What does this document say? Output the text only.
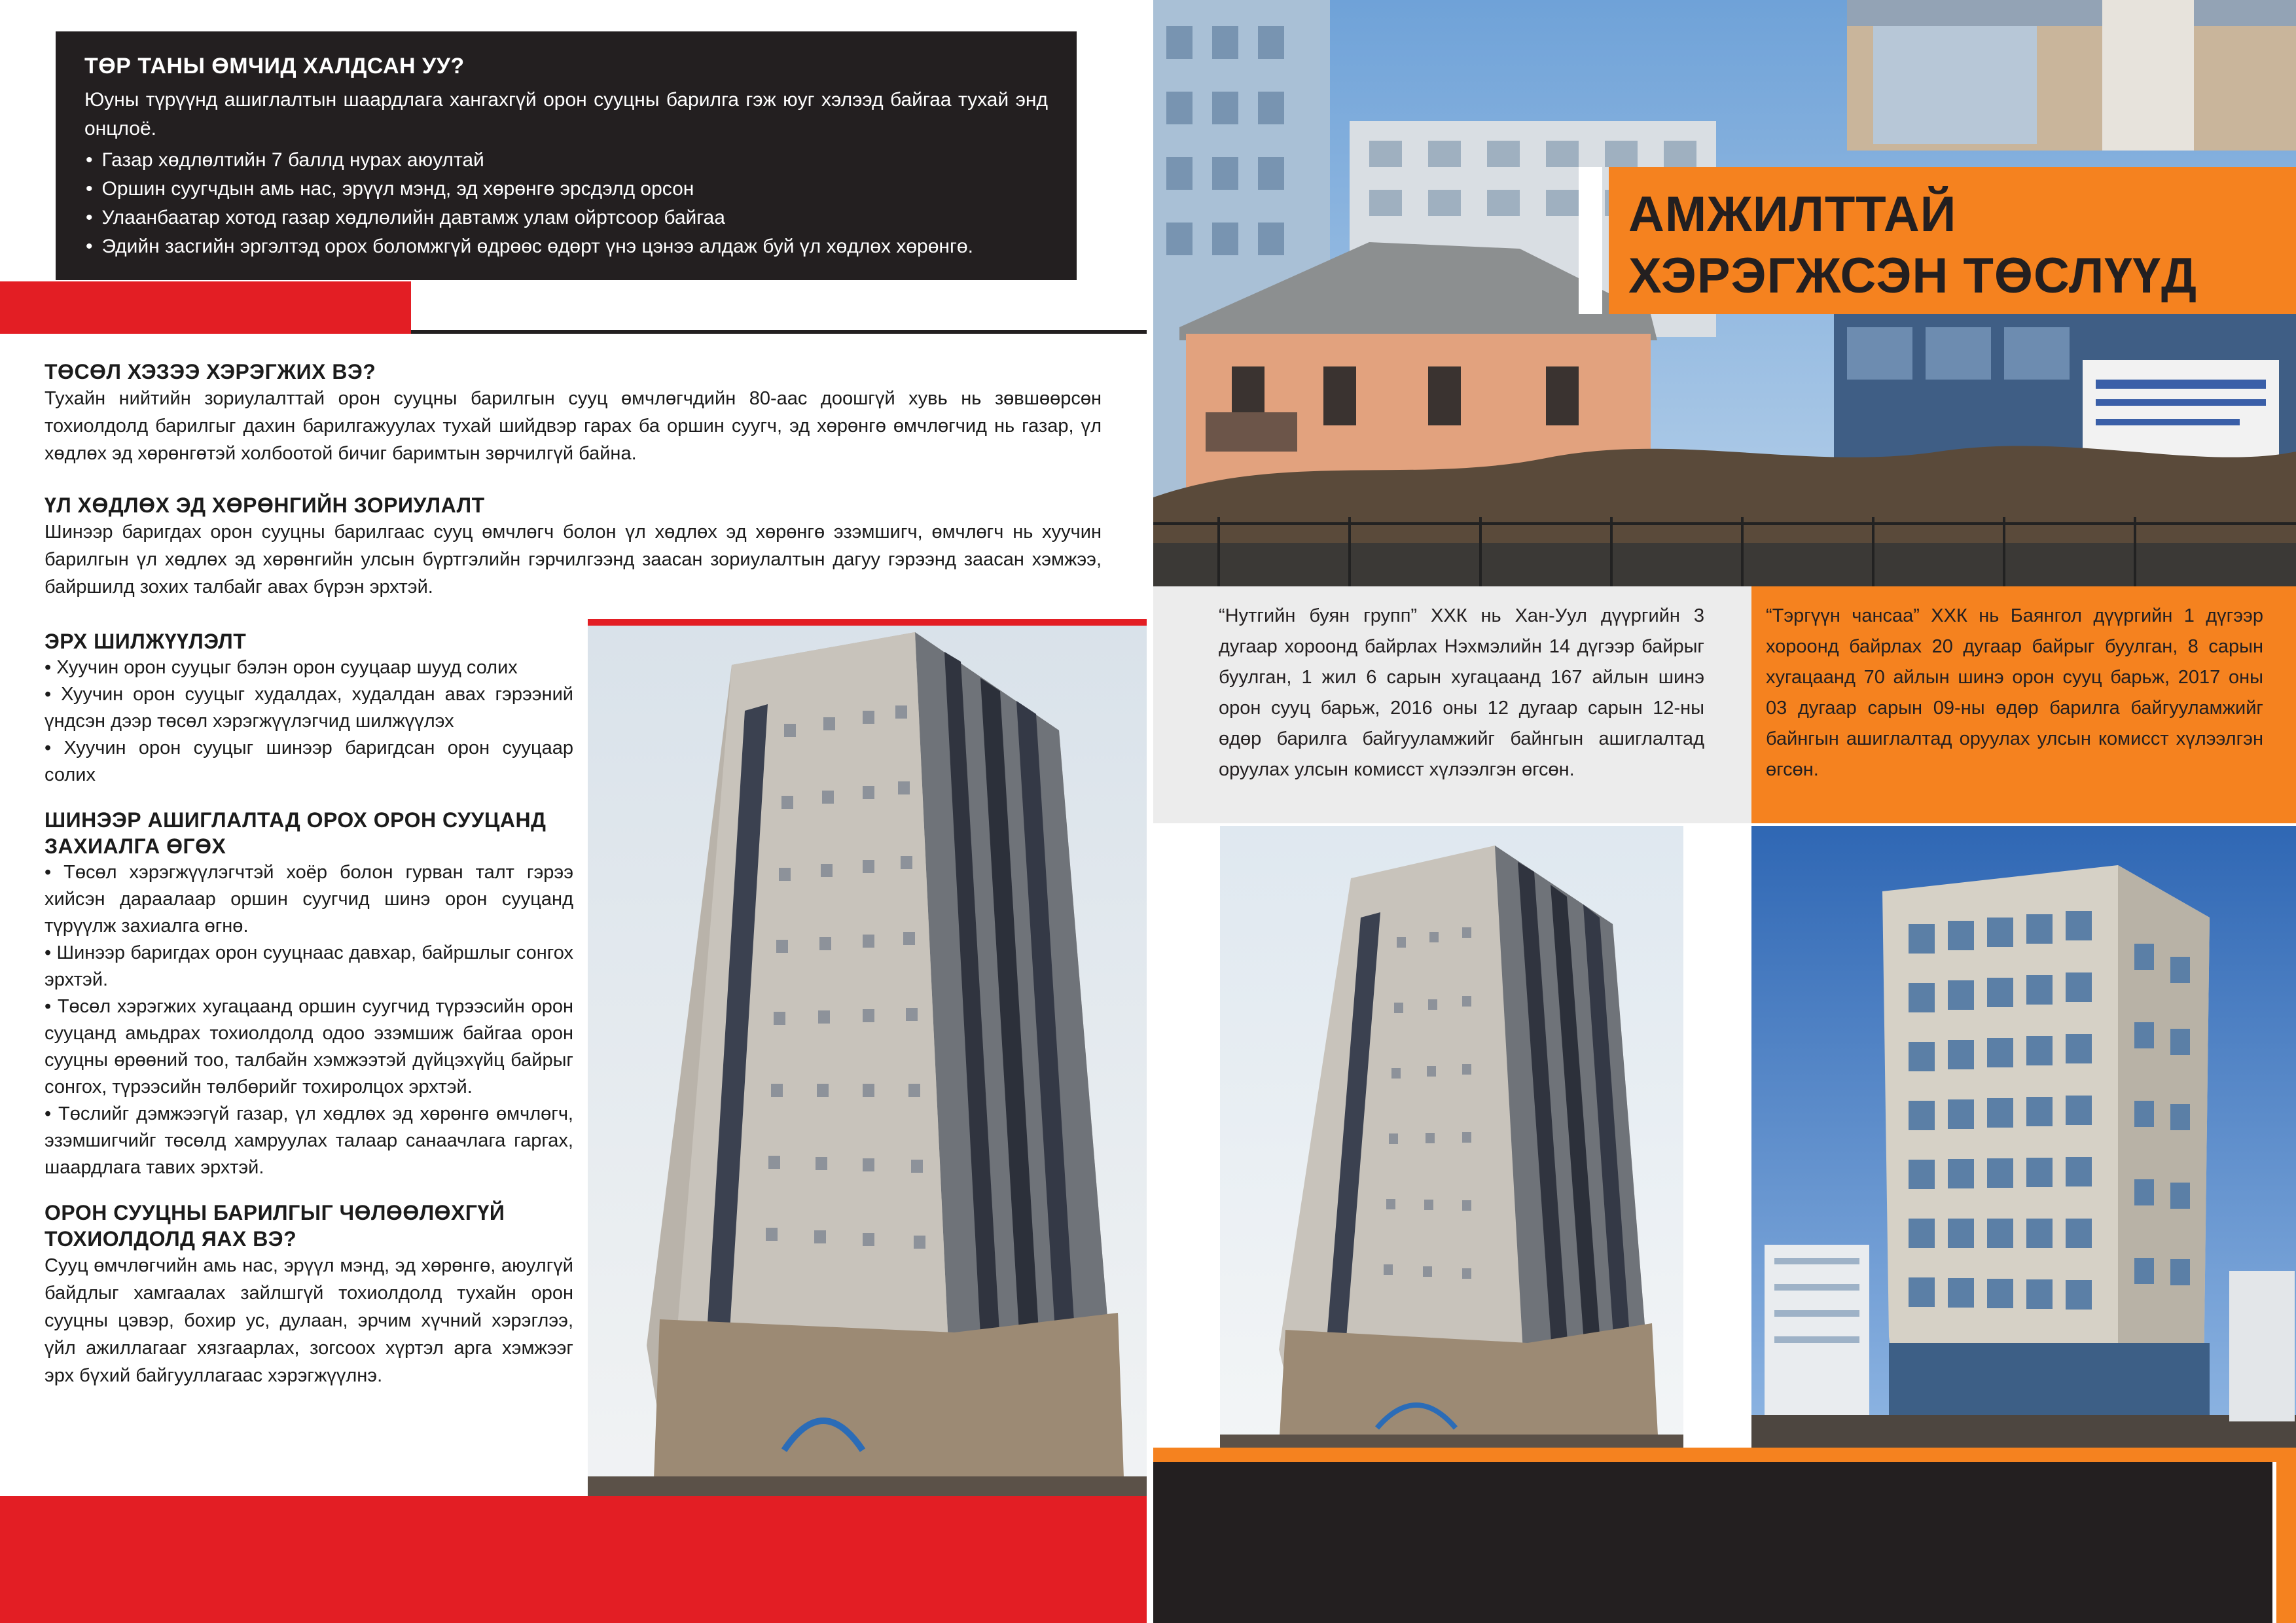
ТӨР ТАНЫ ӨМЧИД ХАЛДСАН УУ?
Юуны түрүүнд ашиглалтын шаардлага хангахгүй орон сууцны барилга гэж юуг хэлээд байгаа тухай энд онцлоё.
• Газар хөдлөлтийн 7 баллд нурах аюултай
• Оршин суугчдын амь нас, эрүүл мэнд, эд хөрөнгө эрсдэлд орсон
• Улаанбаатар хотод газар хөдлөлийн давтамж улам ойртсоор байгаа
• Эдийн засгийн эргэлтэд орох боломжгүй өдрөөс өдөрт үнэ цэнээ алдаж буй үл хөдлөх хөрөнгө.
ТӨСӨЛ ХЭЗЭЭ ХЭРЭГЖИХ ВЭ?
Тухайн нийтийн зориулалттай орон сууцны барилгын сууц өмчлөгчдийн 80-аас доошгүй хувь нь зөвшөөрсөн тохиолдолд барилгыг дахин барилгажуулах тухай шийдвэр гарах ба оршин суугч, эд хөрөнгө өмчлөгчид нь газар, үл хөдлөх эд хөрөнгөтэй холбоотой бичиг баримтын зөрчилгүй байна.
ҮЛ ХӨДЛӨХ ЭД ХӨРӨНГИЙН ЗОРИУЛАЛТ
Шинээр баригдах орон сууцны барилгаас сууц өмчлөгч болон үл хөдлөх эд хөрөнгө эзэмшигч, өмчлөгч нь хуучин барилгын үл хөдлөх эд хөрөнгийн улсын бүртгэлийн гэрчилгээнд заасан зориулалтын дагуу гэрээнд заасан хэмжээ, байршилд зохих талбайг авах бүрэн эрхтэй.
ЭРХ ШИЛЖҮҮЛЭЛТ
• Хуучин орон сууцыг бэлэн орон сууцаар шууд солих
• Хуучин орон сууцыг худалдах, худалдан авах гэрээний үндсэн дээр төсөл хэрэгжүүлэгчид шилжүүлэх
• Хуучин орон сууцыг шинээр баригдсан орон сууцаар солих
ШИНЭЭР АШИГЛАЛТАД ОРОХ ОРОН СУУЦАНД ЗАХИАЛГА ӨГӨХ
• Төсөл хэрэгжүүлэгчтэй хоёр болон гурван талт гэрээ хийсэн дараалаар оршин суугчид шинэ орон сууцанд түрүүлж захиалга өгнө.
• Шинээр баригдах орон сууцнаас давхар, байршлыг сонгох эрхтэй.
• Төсөл хэрэгжих хугацаанд оршин суугчид түрээсийн орон сууцанд амьдрах тохиолдолд одоо эзэмшиж байгаа орон сууцны өрөөний тоо, талбайн хэмжээтэй дүйцэхүйц байрыг сонгох, түрээсийн төлбөрийг тохиролцох эрхтэй.
• Төслийг дэмжээгүй газар, үл хөдлөх эд хөрөнгө өмчлөгч, эзэмшигчийг төсөлд хамруулах талаар санаачлага гаргах, шаардлага тавих эрхтэй.
ОРОН СУУЦНЫ БАРИЛГЫГ ЧӨЛӨӨЛӨХГҮЙ ТОХИОЛДОЛД ЯАХ ВЭ?
Сууц өмчлөгчийн амь нас, эрүүл мэнд, эд хөрөнгө, аюулгүй байдлыг хамгаалах зайлшгүй тохиолдолд тухайн орон сууцны цэвэр, бохир ус, дулаан, эрчим хүчний хэрэглээ, үйл ажиллагааг хязгаарлах, зогсоох хүртэл арга хэмжээг эрх бүхий байгууллагаас хэрэгжүүлнэ.
АМЖИЛТТАЙ
ХЭРЭГЖСЭН ТӨСЛҮҮД
“Нутгийн буян групп” ХХК нь Хан-Уул дүүргийн 3 дугаар хороонд байрлах Нэхмэлийн 14 дүгээр байрыг буулган, 1 жил 6 сарын хугацаанд 167 айлын шинэ орон сууц барьж, 2016 оны 12 дугаар сарын 12-ны өдөр барилга байгууламжийг байнгын ашиглалтад оруулах улсын комисст хүлээлгэн өгсөн.
“Тэргүүн чансаа” ХХК нь Баянгол дүүргийн 1 дүгээр хороонд байрлах 20 дугаар байрыг буулган, 8 сарын хугацаанд 70 айлын шинэ орон сууц барьж, 2017 оны 03 дугаар сарын 09-ны өдөр барилга байгууламжийг байнгын ашиглалтад оруулах улсын комисст хүлээлгэн өгсөн.
